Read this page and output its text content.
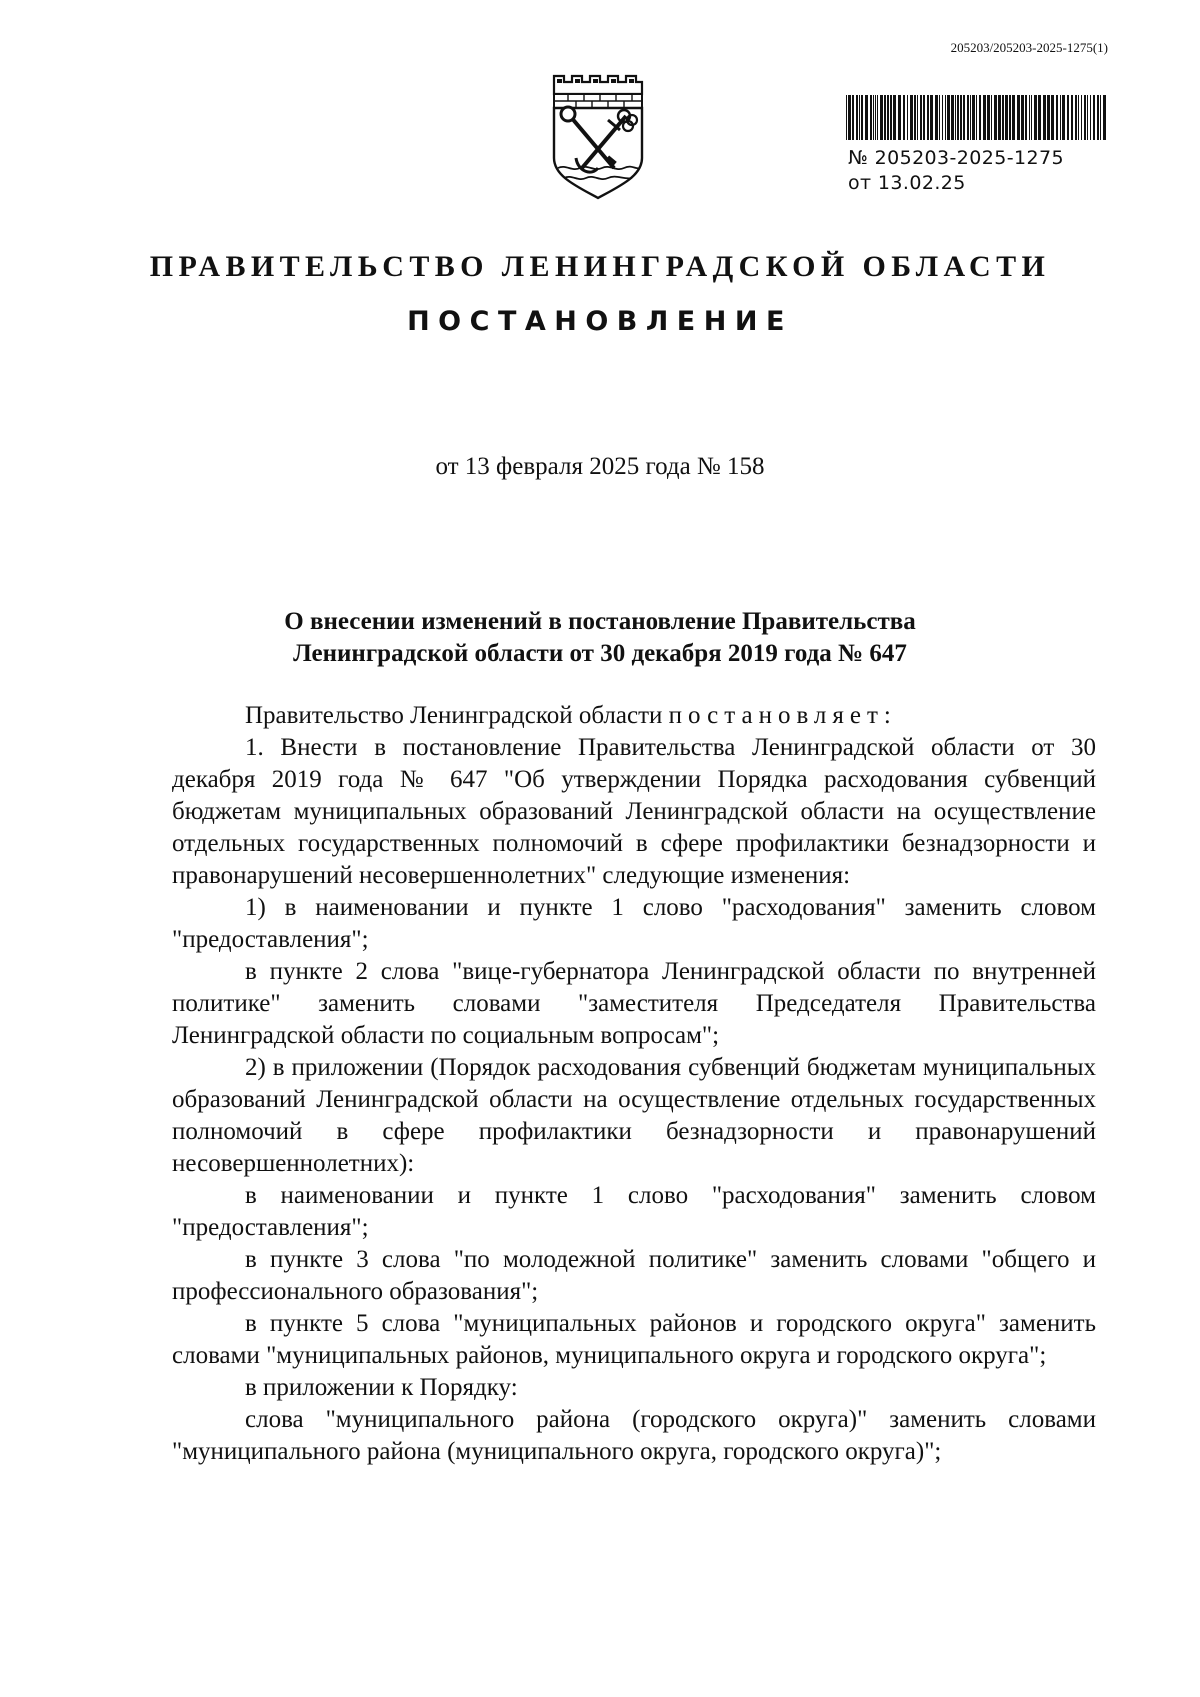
205203/205203-2025-1275(1)
№ 205203-2025-1275
от 13.02.25
ПРАВИТЕЛЬСТВО ЛЕНИНГРАДСКОЙ ОБЛАСТИ
ПОСТАНОВЛЕНИЕ
от 13 февраля 2025 года № 158
О внесении изменений в постановление Правительства
Ленинградской области от 30 декабря 2019 года № 647

Правительство Ленинградской области постановляет:

1. Внести в постановление Правительства Ленинградской области от 30 декабря 2019 года № 647 "Об утверждении Порядка расходования субвенций бюджетам муниципальных образований Ленинградской области на осуществление отдельных государственных полномочий в сфере профилактики безнадзорности и правонарушений несовершеннолетних" следующие изменения:

1) в наименовании и пункте 1 слово "расходования" заменить словом "предоставления";

в пункте 2 слова "вице-губернатора Ленинградской области по внутренней политике" заменить словами "заместителя Председателя Правительства Ленинградской области по социальным вопросам";

2) в приложении (Порядок расходования субвенций бюджетам муниципальных образований Ленинградской области на осуществление отдельных государственных полномочий в сфере профилактики безнадзорности и правонарушений несовершеннолетних):

в наименовании и пункте 1 слово "расходования" заменить словом "предоставления";

в пункте 3 слова "по молодежной политике" заменить словами "общего и профессионального образования";

в пункте 5 слова "муниципальных районов и городского округа" заменить словами "муниципальных районов, муниципального округа и городского округа";

в приложении к Порядку:

слова "муниципального района (городского округа)" заменить словами "муниципального района (муниципального округа, городского округа)";
